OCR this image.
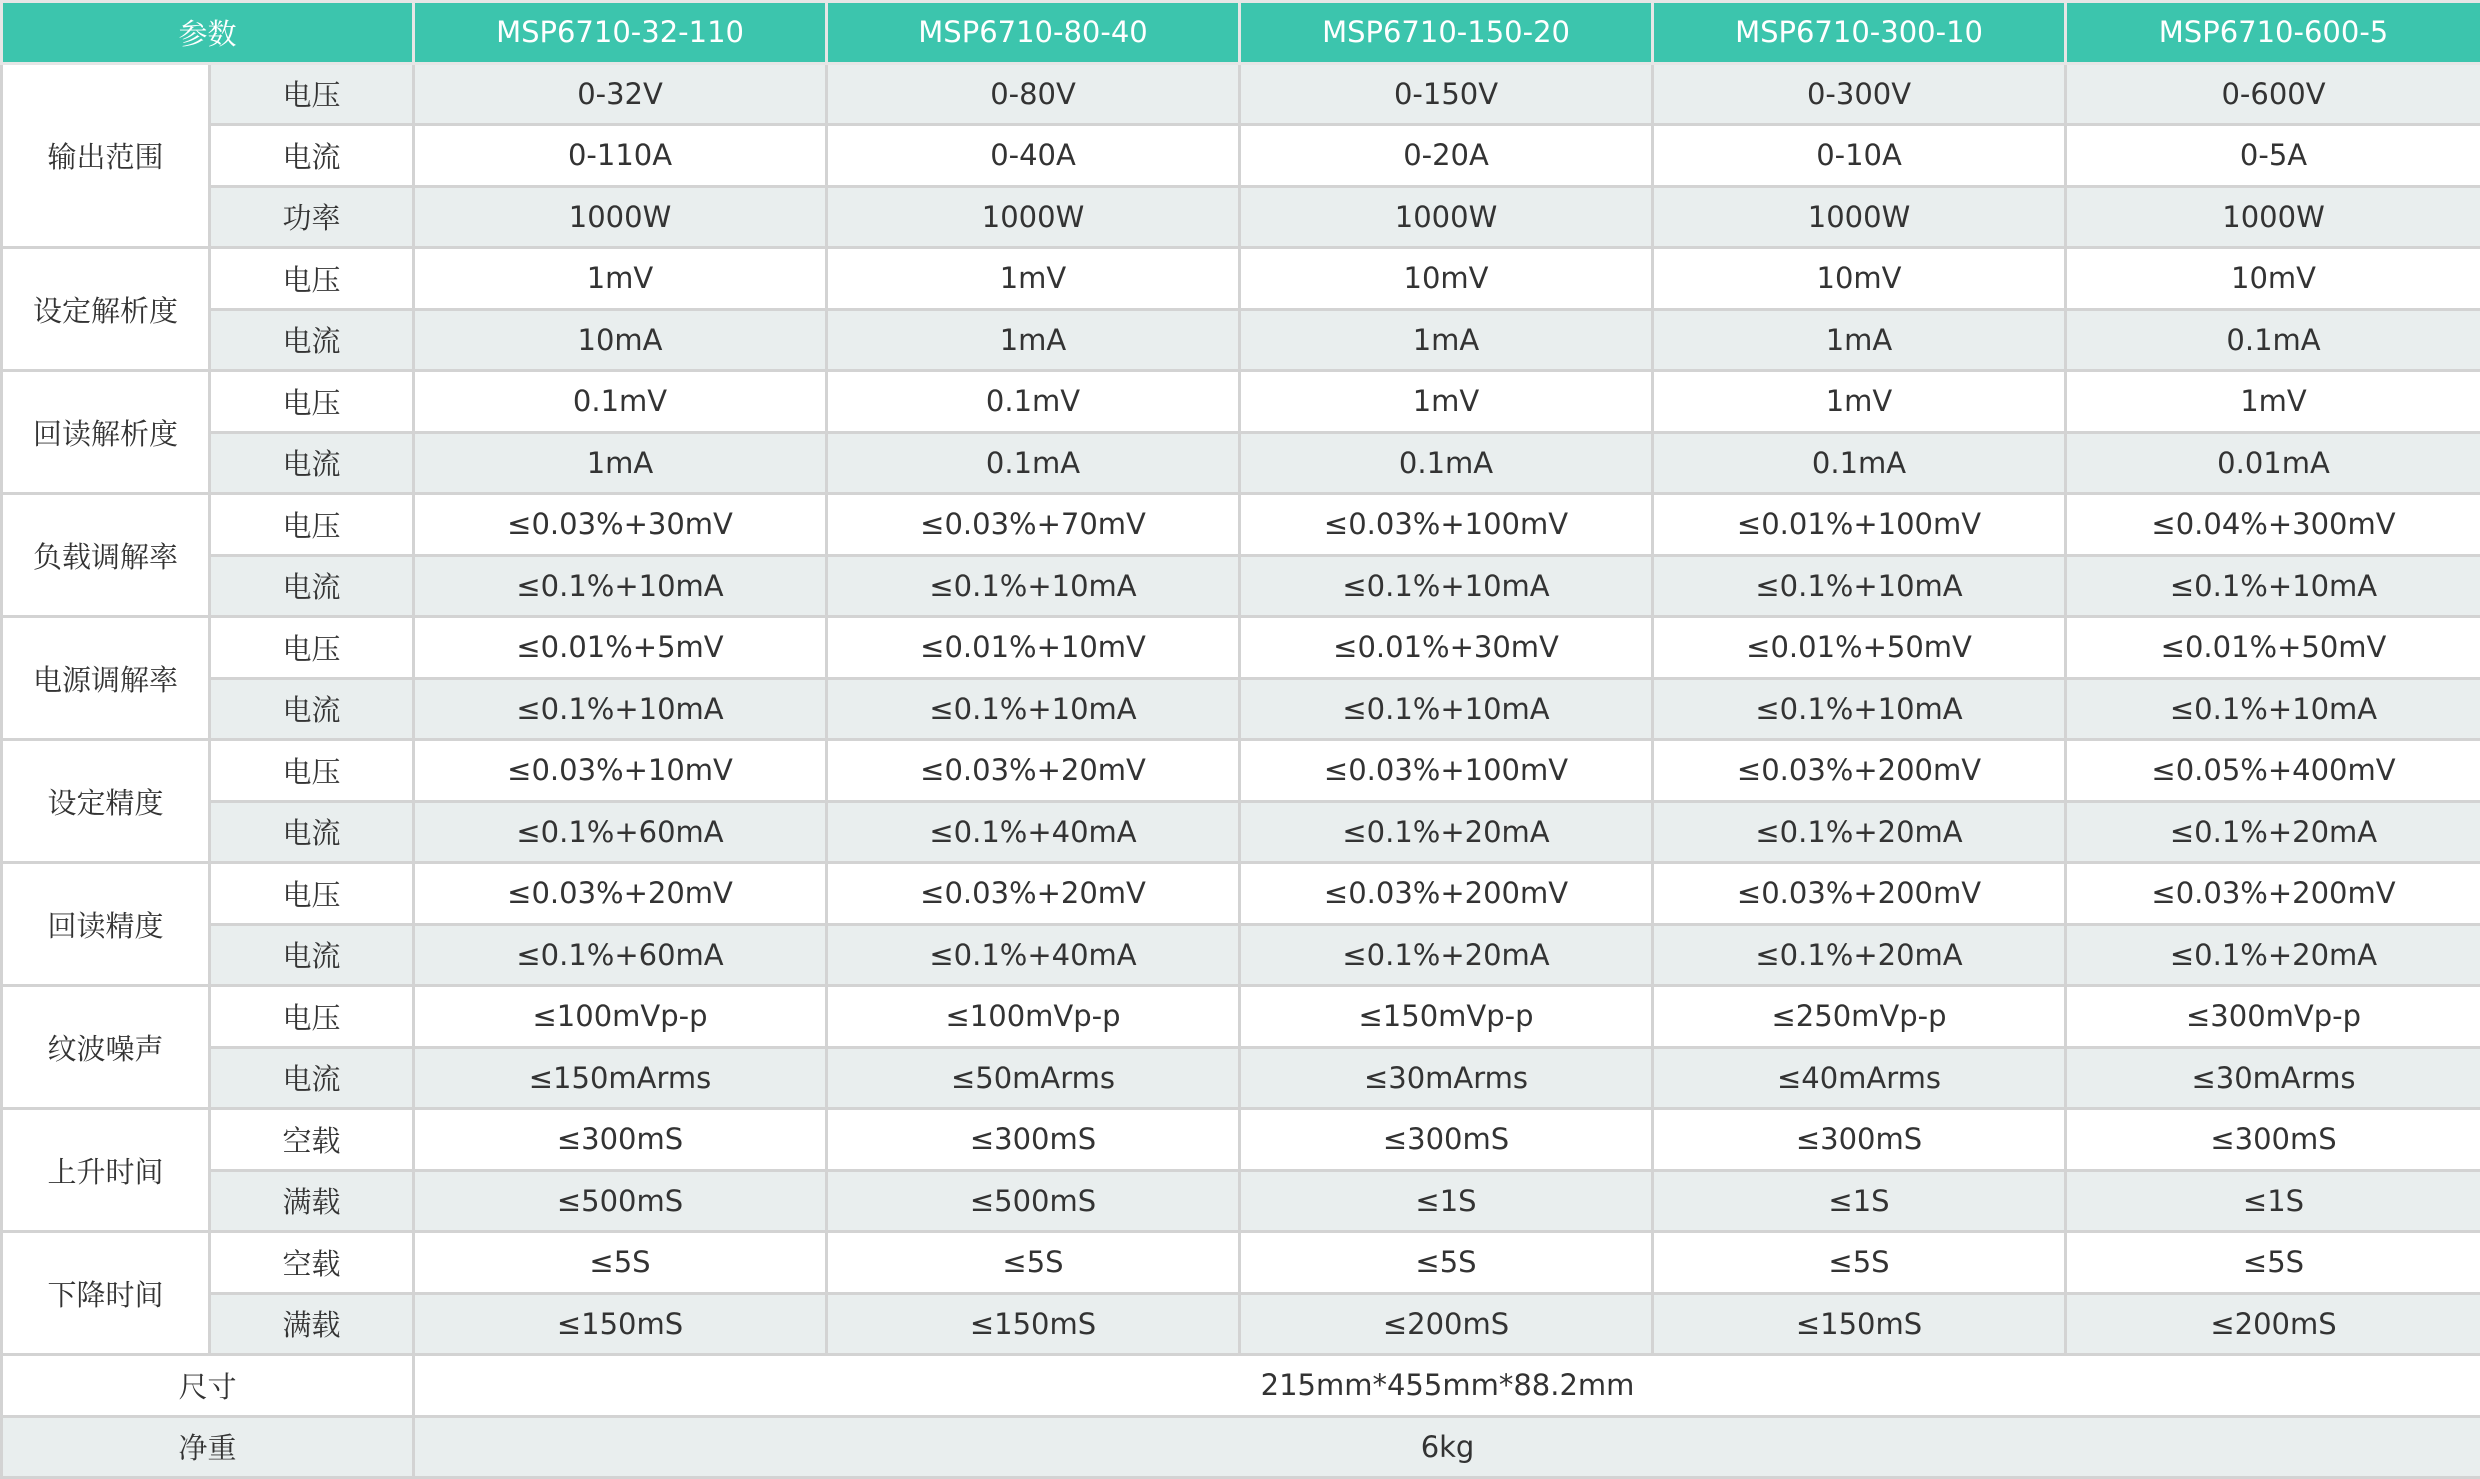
参数		MSP6710-32-110	MSP6710-80-40	MSP6710-150-20	MSP6710-300-10	MSP6710-600-5
输出范围	电压	0-32V	0-80V	0-150V	0-300V	0-600V
	电流	0-110A	0-40A	0-20A	0-10A	0-5A
	功率	1000W	1000W	1000W	1000W	1000W
设定解析度	电压	1mV	1mV	10mV	10mV	10mV
	电流	10mA	1mA	1mA	1mA	0.1mA
回读解析度	电压	0.1mV	0.1mV	1mV	1mV	1mV
	电流	1mA	0.1mA	0.1mA	0.1mA	0.01mA
负载调解率	电压	≤0.03%+30mV	≤0.03%+70mV	≤0.03%+100mV	≤0.01%+100mV	≤0.04%+300mV
	电流	≤0.1%+10mA	≤0.1%+10mA	≤0.1%+10mA	≤0.1%+10mA	≤0.1%+10mA
电源调解率	电压	≤0.01%+5mV	≤0.01%+10mV	≤0.01%+30mV	≤0.01%+50mV	≤0.01%+50mV
	电流	≤0.1%+10mA	≤0.1%+10mA	≤0.1%+10mA	≤0.1%+10mA	≤0.1%+10mA
设定精度	电压	≤0.03%+10mV	≤0.03%+20mV	≤0.03%+100mV	≤0.03%+200mV	≤0.05%+400mV
	电流	≤0.1%+60mA	≤0.1%+40mA	≤0.1%+20mA	≤0.1%+20mA	≤0.1%+20mA
回读精度	电压	≤0.03%+20mV	≤0.03%+20mV	≤0.03%+200mV	≤0.03%+200mV	≤0.03%+200mV
	电流	≤0.1%+60mA	≤0.1%+40mA	≤0.1%+20mA	≤0.1%+20mA	≤0.1%+20mA
纹波噪声	电压	≤100mVp-p	≤100mVp-p	≤150mVp-p	≤250mVp-p	≤300mVp-p
	电流	≤150mArms	≤50mArms	≤30mArms	≤40mArms	≤30mArms
上升时间	空载	≤300mS	≤300mS	≤300mS	≤300mS	≤300mS
	满载	≤500mS	≤500mS	≤1S	≤1S	≤1S
下降时间	空载	≤5S	≤5S	≤5S	≤5S	≤5S
	满载	≤150mS	≤150mS	≤200mS	≤150mS	≤200mS
尺寸		215mm*455mm*88.2mm				
净重		6kg				
